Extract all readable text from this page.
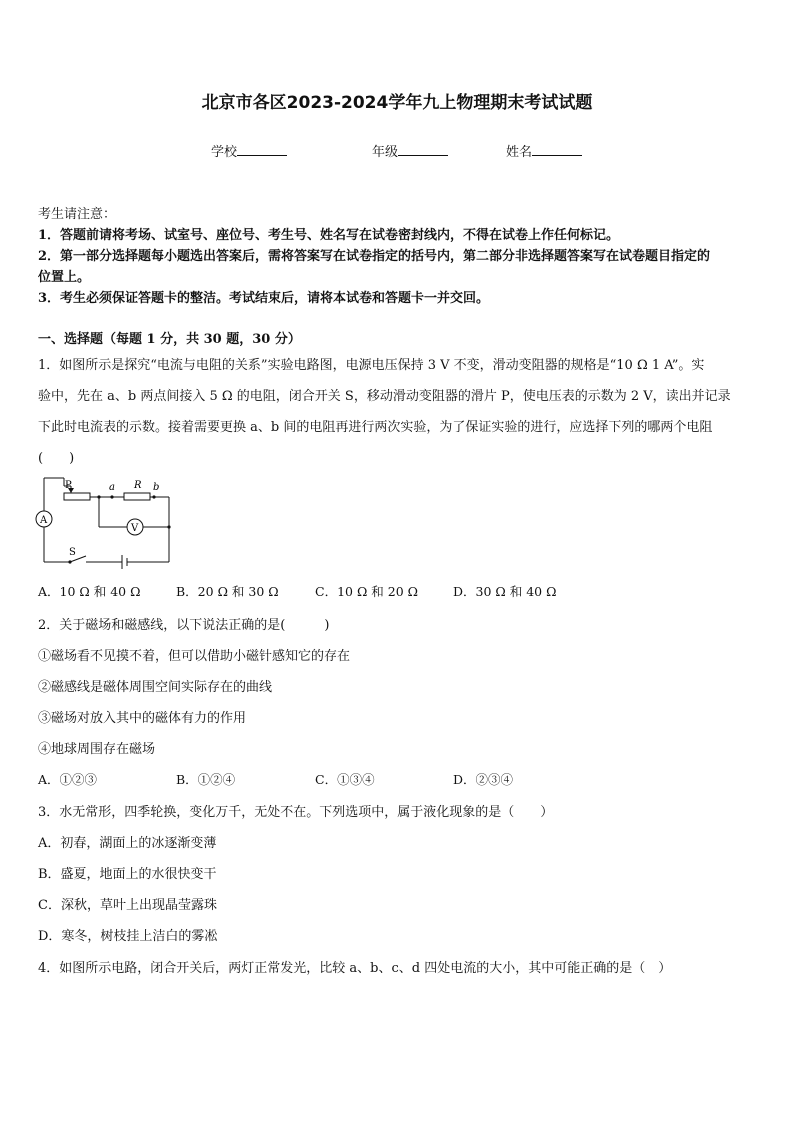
北京市各区2023-2024学年九上物理期末考试试题
学校	年级	姓名
考生请注意：
1．答题前请将考场、试室号、座位号、考生号、姓名写在试卷密封线内，不得在试卷上作任何标记。
2．第一部分选择题每小题选出答案后，需将答案写在试卷指定的括号内，第二部分非选择题答案写在试卷题目指定的
位置上。
3．考生必须保证答题卡的整洁。考试结束后，请将本试卷和答题卡一并交回。
一、选择题（每题 1 分，共 30 题，30 分）
1．如图所示是探究“电流与电阻的关系”实验电路图，电源电压保持 3 V 不变，滑动变阻器的规格是“10 Ω 1 A”。实
验中，先在 a、b 两点间接入 5 Ω 的电阻，闭合开关 S，移动滑动变阻器的滑片 P，使电压表的示数为 2 V，读出并记录
下此时电流表的示数。接着需要更换 a、b 间的电阻再进行两次实验，为了保证实验的进行，应选择下列的哪两个电阻
(　　)
P	a R b
A
V
S
A．10 Ω 和 40 Ω	B．20 Ω 和 30 Ω	C．10 Ω 和 20 Ω	D．30 Ω 和 40 Ω
2．关于磁场和磁感线，以下说法正确的是(　　　)
①磁场看不见摸不着，但可以借助小磁针感知它的存在
②磁感线是磁体周围空间实际存在的曲线
③磁场对放入其中的磁体有力的作用
④地球周围存在磁场
A．①②③	B．①②④	C．①③④	D．②③④
3．水无常形，四季轮换，变化万千，无处不在。下列选项中，属于液化现象的是（　　）
A．初春，湖面上的冰逐渐变薄
B．盛夏，地面上的水很快变干
C．深秋，草叶上出现晶莹露珠
D．寒冬，树枝挂上洁白的雾凇
4．如图所示电路，闭合开关后，两灯正常发光，比较 a、b、c、d 四处电流的大小，其中可能正确的是（　）
